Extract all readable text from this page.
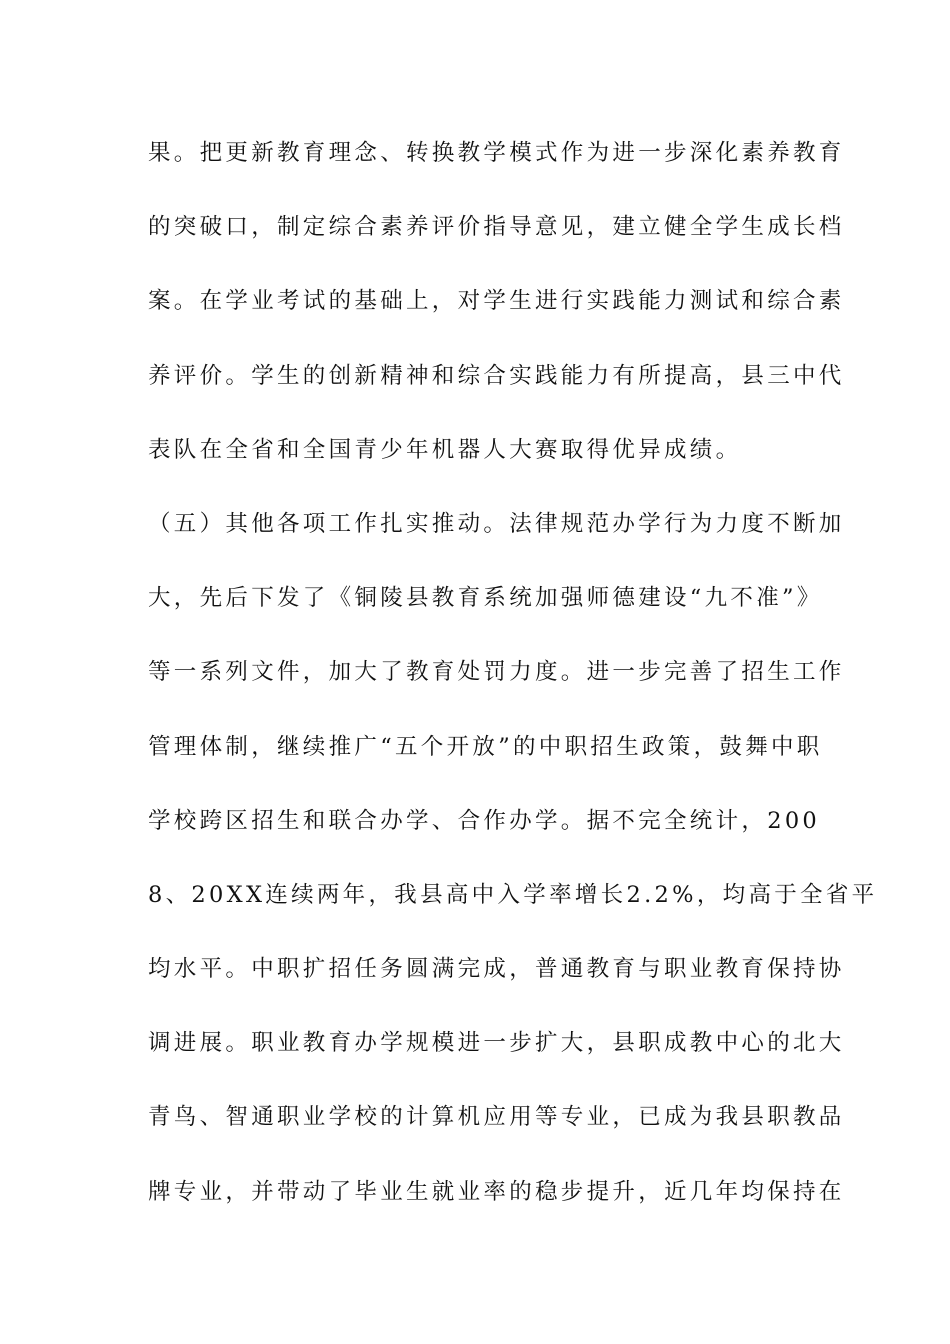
果。把更新教育理念、转换教学模式作为进一步深化素养教育
的突破口，制定综合素养评价指导意见，建立健全学生成长档
案。在学业考试的基础上，对学生进行实践能力测试和综合素
养评价。学生的创新精神和综合实践能力有所提高，县三中代
表队在全省和全国青少年机器人大赛取得优异成绩。
（五）其他各项工作扎实推动。法律规范办学行为力度不断加
大，先后下发了《铜陵县教育系统加强师德建设“九不准”》
等一系列文件，加大了教育处罚力度。进一步完善了招生工作
管理体制，继续推广“五个开放”的中职招生政策，鼓舞中职
学校跨区招生和联合办学、合作办学。据不完全统计，200
8、20XX连续两年，我县高中入学率增长2.2%，均高于全省平
均水平。中职扩招任务圆满完成，普通教育与职业教育保持协
调进展。职业教育办学规模进一步扩大，县职成教中心的北大
青鸟、智通职业学校的计算机应用等专业，已成为我县职教品
牌专业，并带动了毕业生就业率的稳步提升，近几年均保持在
